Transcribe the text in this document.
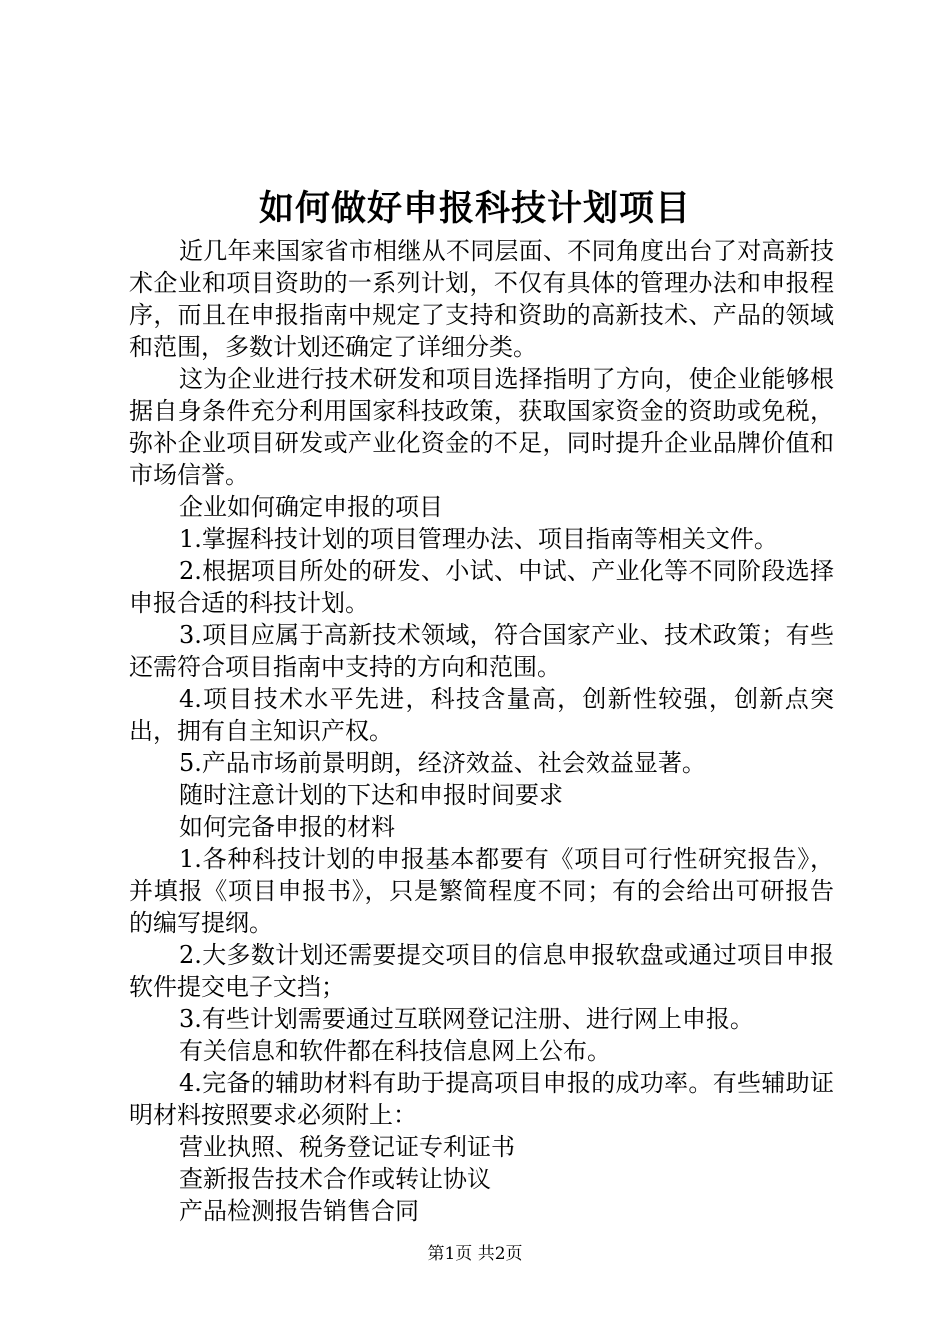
如何做好申报科技计划项目

近几年来国家省市相继从不同层面、不同角度出台了对高新技术企业和项目资助的一系列计划，不仅有具体的管理办法和申报程序，而且在申报指南中规定了支持和资助的高新技术、产品的领域和范围，多数计划还确定了详细分类。

这为企业进行技术研发和项目选择指明了方向，使企业能够根据自身条件充分利用国家科技政策，获取国家资金的资助或免税，弥补企业项目研发或产业化资金的不足，同时提升企业品牌价值和市场信誉。

企业如何确定申报的项目

1.掌握科技计划的项目管理办法、项目指南等相关文件。

2.根据项目所处的研发、小试、中试、产业化等不同阶段选择申报合适的科技计划。

3.项目应属于高新技术领域，符合国家产业、技术政策；有些还需符合项目指南中支持的方向和范围。

4.项目技术水平先进，科技含量高，创新性较强，创新点突出，拥有自主知识产权。

5.产品市场前景明朗，经济效益、社会效益显著。

随时注意计划的下达和申报时间要求

如何完备申报的材料

1.各种科技计划的申报基本都要有《项目可行性研究报告》，并填报《项目申报书》，只是繁简程度不同；有的会给出可研报告的编写提纲。

2.大多数计划还需要提交项目的信息申报软盘或通过项目申报软件提交电子文挡；

3.有些计划需要通过互联网登记注册、进行网上申报。

有关信息和软件都在科技信息网上公布。

4.完备的辅助材料有助于提高项目申报的成功率。有些辅助证明材料按照要求必须附上：

营业执照、税务登记证专利证书

查新报告技术合作或转让协议

产品检测报告销售合同

第1页 共2页
